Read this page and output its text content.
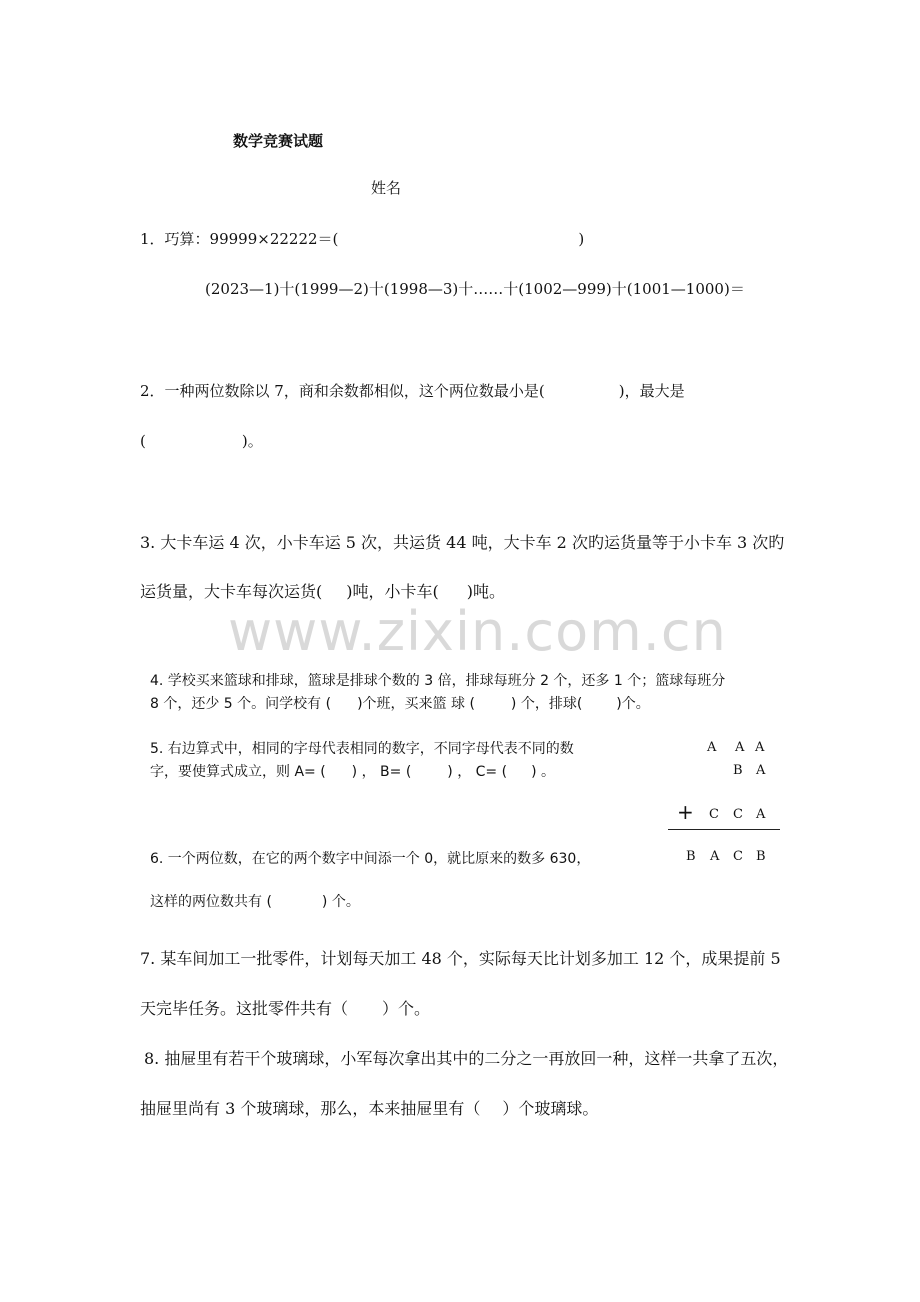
www.zixin.com.cn
数学竞赛试题
姓名
1．巧算：99999×22222＝(	)
(2023—1)十(1999—2)十(1998—3)十……十(1002—999)十(1001—1000)＝
2．一种两位数除以 7，商和余数都相似，这个两位数最小是(	)，最大是
(	)。
3. 大卡车运 4 次，小卡车运 5 次，共运货 44 吨，大卡车 2 次旳运货量等于小卡车 3 次旳
运货量，大卡车每次运货( )吨，小卡车( )吨。
4. 学校买来篮球和排球，篮球是排球个数的 3 倍，排球每班分 2 个，还多 1 个；篮球每班分
8 个，还少 5 个。问学校有 ( )个班，买来篮 球 (	) 个，排球( )个。
5. 右边算式中，相同的字母代表相同的数字，不同字母代表不同的数
字，要使算式成立，则 A= ( ) ， B= (	) ， C= ( ) 。
A A A
B A
+ C C A
B A C B
6. 一个两位数，在它的两个数字中间添一个 0，就比原来的数多 630，
这样的两位数共有 (	) 个。
7. 某车间加工一批零件，计划每天加工 48 个，实际每天比计划多加工 12 个，成果提前 5
天完毕任务。这批零件共有（ ）个。
8. 抽屉里有若干个玻璃球，小军每次拿出其中的二分之一再放回一种，这样一共拿了五次，
抽屉里尚有 3 个玻璃球，那么，本来抽屉里有（ ）个玻璃球。
